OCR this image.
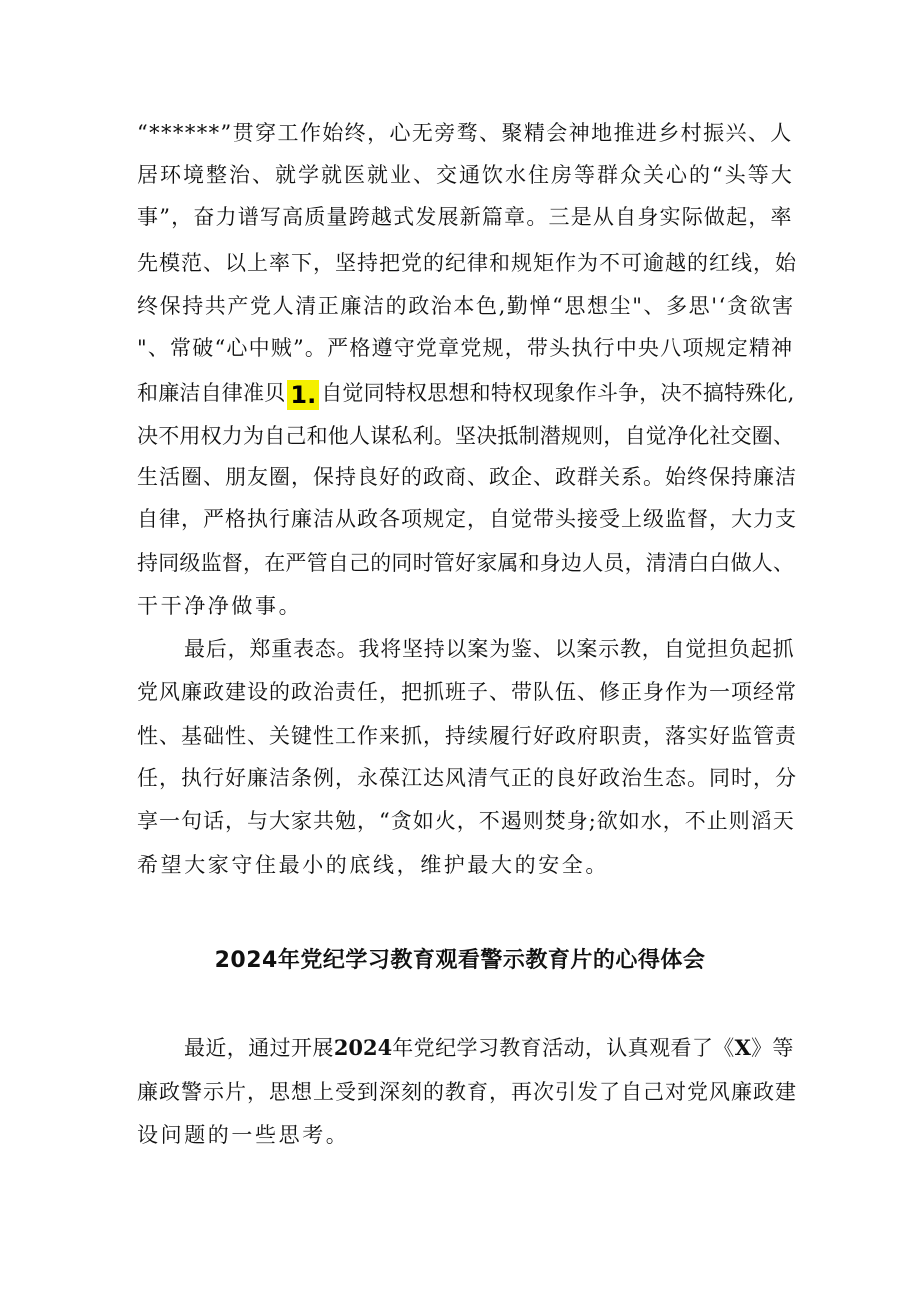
“******”贯穿工作始终，心无旁骛、聚精会神地推进乡村振兴、人
居环境整治、就学就医就业、交通饮水住房等群众关心的“头等大
事”，奋力谱写高质量跨越式发展新篇章。三是从自身实际做起，率
先模范、以上率下，坚持把党的纪律和规矩作为不可逾越的红线，始
终保持共产党人清正廉洁的政治本色,勤惮“思想尘"、多思'‘贪欲害
"、常破“心中贼”。严格遵守党章党规，带头执行中央八项规定精神
和廉洁自律准贝 1. 自觉同特权思想和特权现象作斗争，决不搞特殊化,
决不用权力为自己和他人谋私利。坚决抵制潜规则，自觉净化社交圈、
生活圈、朋友圈，保持良好的政商、政企、政群关系。始终保持廉洁
自律，严格执行廉洁从政各项规定，自觉带头接受上级监督，大力支
持同级监督，在严管自己的同时管好家属和身边人员，清清白白做人、
干干净净做事。
最后，郑重表态。我将坚持以案为鉴、以案示教，自觉担负起抓
党风廉政建设的政治责任，把抓班子、带队伍、修正身作为一项经常
性、基础性、关键性工作来抓，持续履行好政府职责，落实好监管责
任，执行好廉洁条例，永葆江达风清气正的良好政治生态。同时，分
享一句话，与大家共勉，“贪如火，不遏则焚身;欲如水，不止则滔天
希望大家守住最小的底线，维护最大的安全。
2024年党纪学习教育观看警示教育片的心得体会
最近，通过开展2024年党纪学习教育活动，认真观看了《X》等
廉政警示片，思想上受到深刻的教育，再次引发了自己对党风廉政建
设问题的一些思考。
